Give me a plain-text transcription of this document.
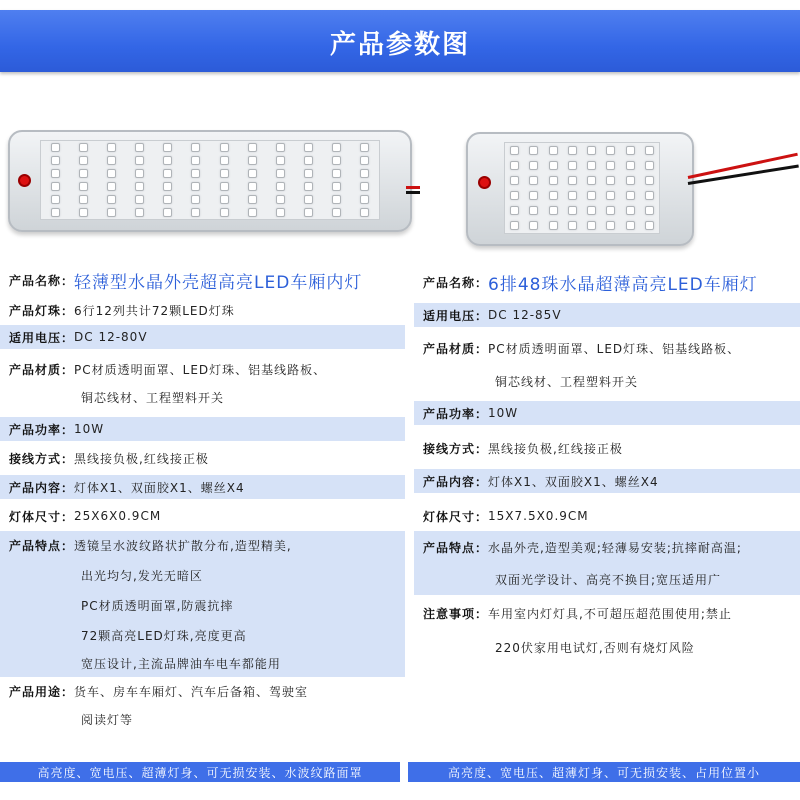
产品参数图
产品名称： 轻薄型水晶外壳超高亮LED车厢内灯
产品灯珠： 6行12列共计72颗LED灯珠
适用电压： DC 12-80V
产品材质： PC材质透明面罩、LED灯珠、铝基线路板、
铜芯线材、工程塑料开关
产品功率： 10W
接线方式： 黑线接负极,红线接正极
产品内容： 灯体X1、双面胶X1、螺丝X4
灯体尺寸： 25X6X0.9CM
产品特点： 透镜呈水波纹路状扩散分布,造型精美,
出光均匀,发光无暗区
PC材质透明面罩,防震抗摔
72颗高亮LED灯珠,亮度更高
宽压设计,主流品牌油车电车都能用
产品用途： 货车、房车车厢灯、汽车后备箱、驾驶室
阅读灯等
产品名称： 6排48珠水晶超薄高亮LED车厢灯
适用电压： DC 12-85V
产品材质： PC材质透明面罩、LED灯珠、铝基线路板、
铜芯线材、工程塑料开关
产品功率： 10W
接线方式： 黑线接负极,红线接正极
产品内容： 灯体X1、双面胶X1、螺丝X4
灯体尺寸： 15X7.5X0.9CM
产品特点： 水晶外壳,造型美观;轻薄易安装;抗摔耐高温;
双面光学设计、高亮不换目;宽压适用广
注意事项： 车用室内灯灯具,不可超压超范围使用;禁止
220伏家用电试灯,否则有烧灯风险
高亮度、宽电压、超薄灯身、可无损安装、水波纹路面罩	高亮度、宽电压、超薄灯身、可无损安装、占用位置小
